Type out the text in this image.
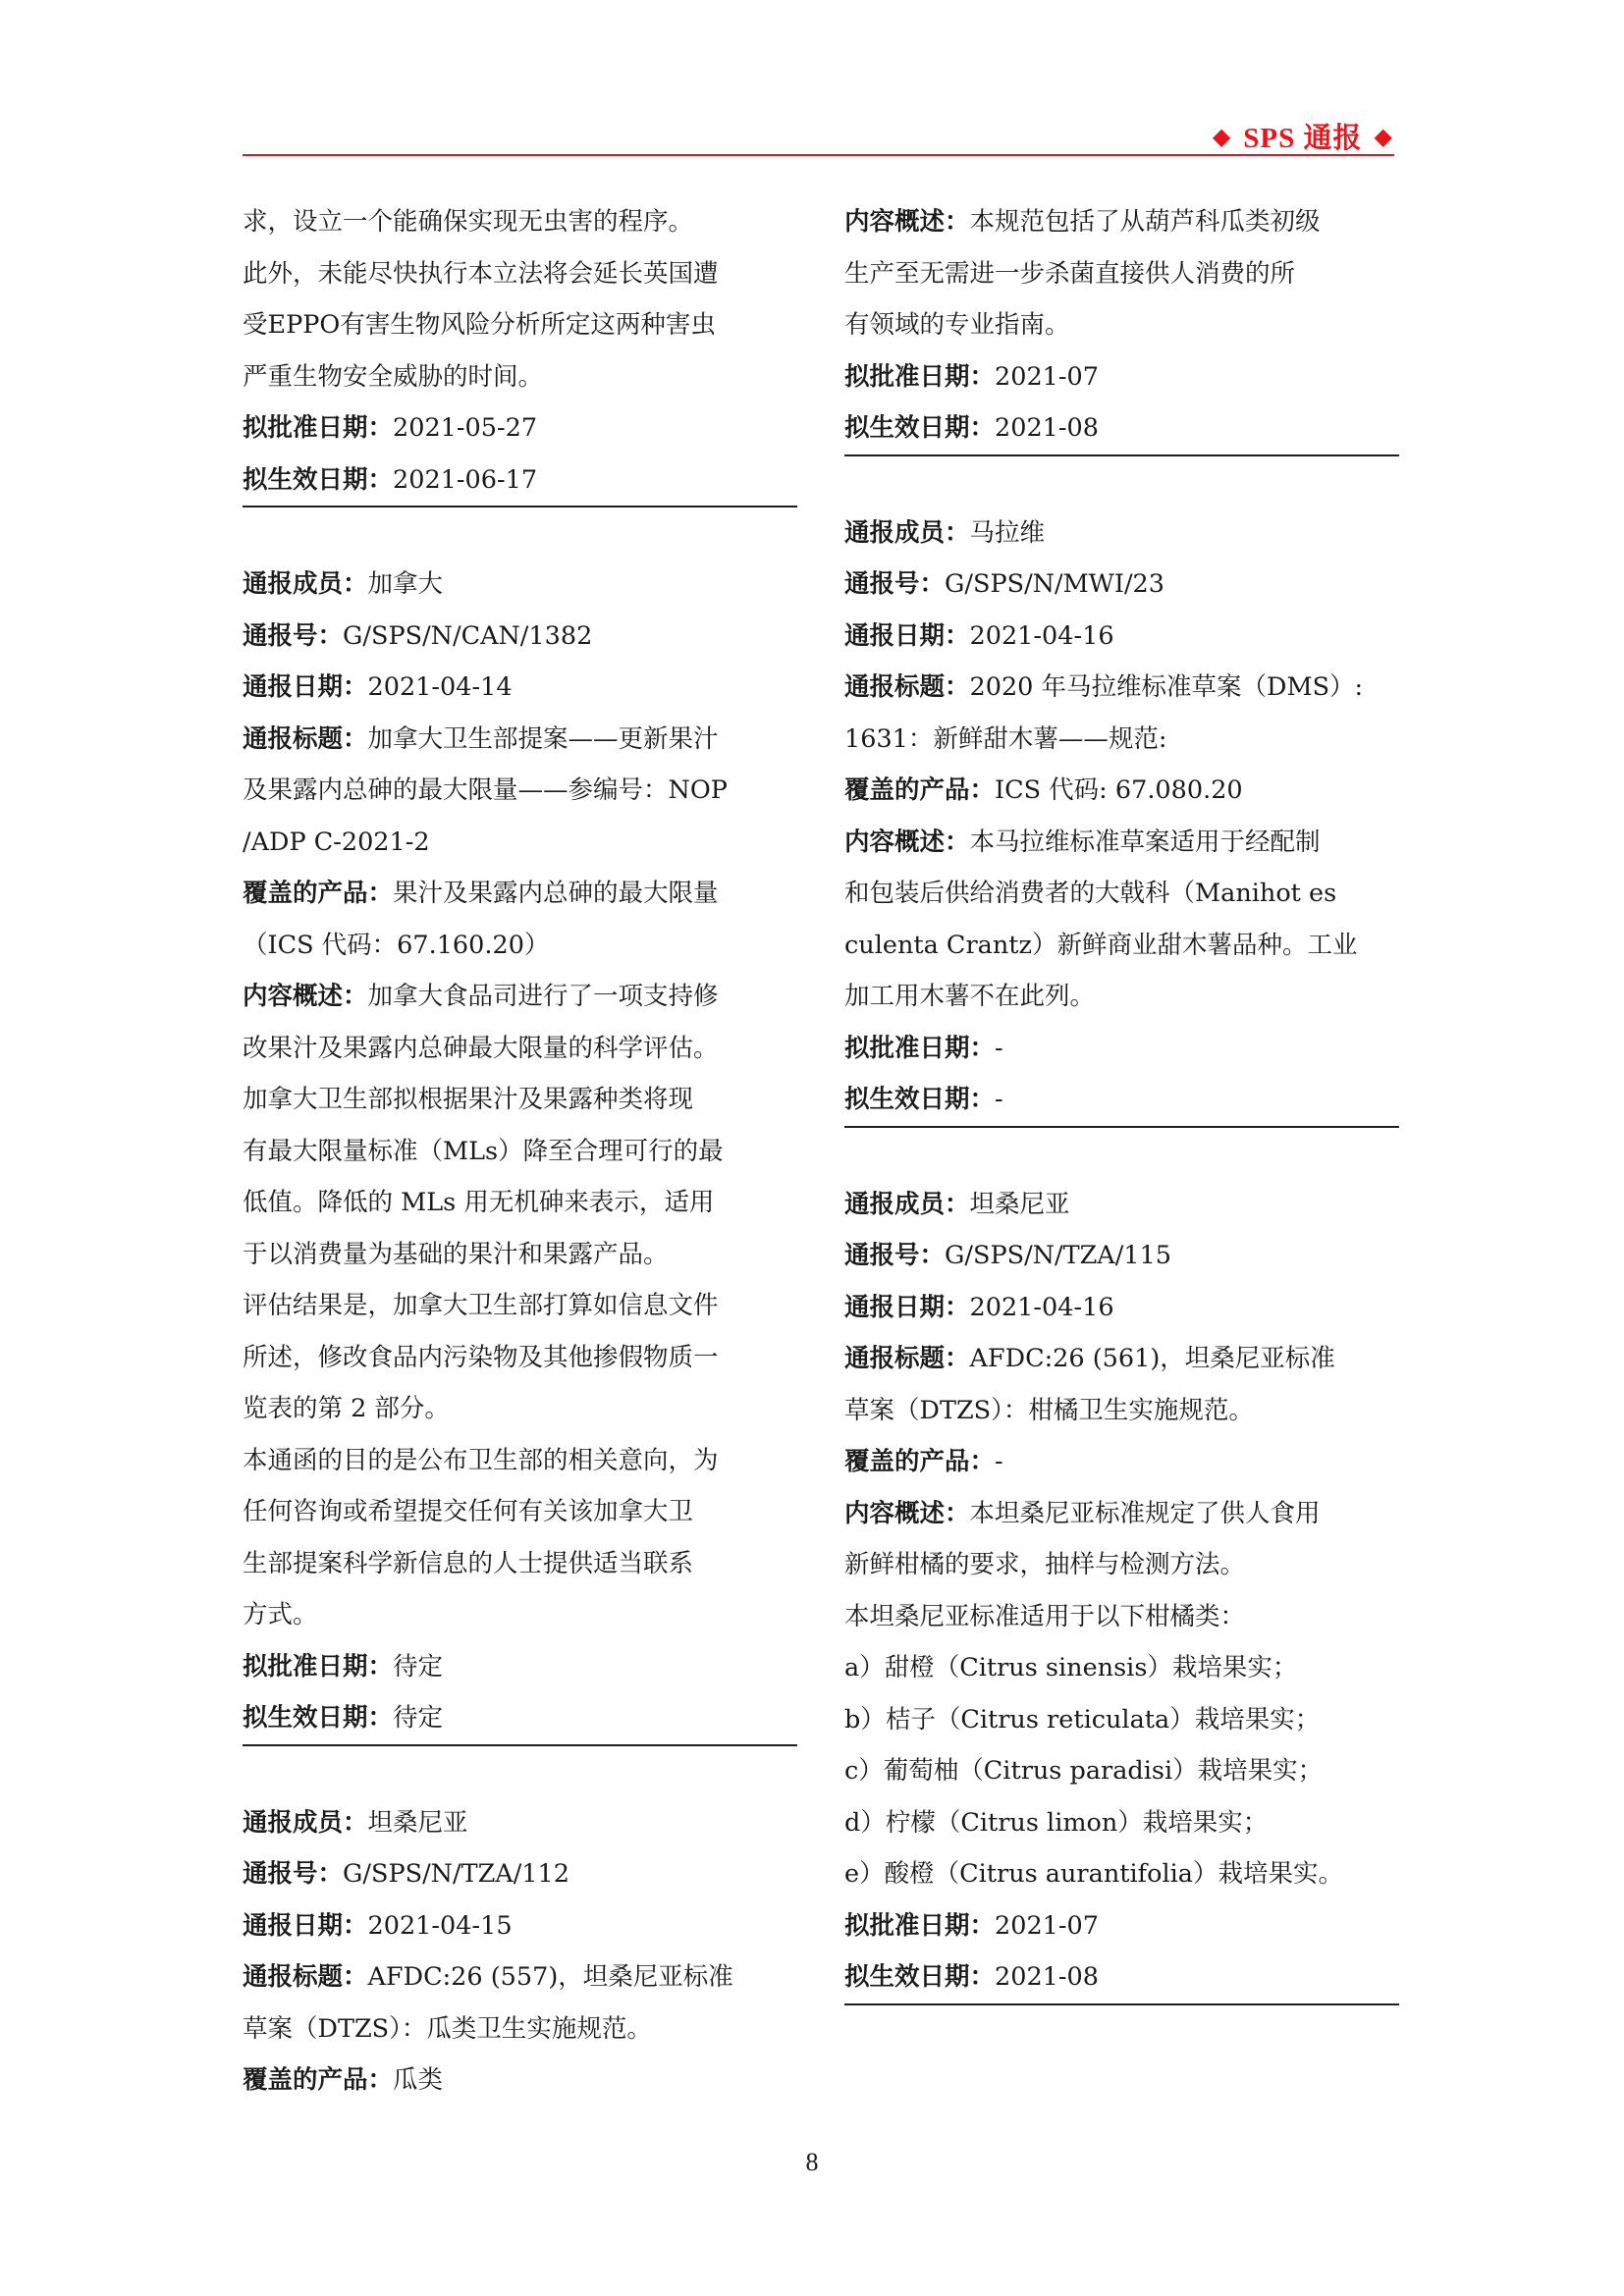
◆ SPS 通报 ◆
求，设立一个能确保实现无虫害的程序。
此外，未能尽快执行本立法将会延长英国遭
受EPPO有害生物风险分析所定这两种害虫
严重生物安全威胁的时间。
拟批准日期：2021-05-27
拟生效日期：2021-06-17
通报成员：加拿大
通报号：G/SPS/N/CAN/1382
通报日期：2021-04-14
通报标题：加拿大卫生部提案——更新果汁
及果露内总砷的最大限量——参编号：NOP
/ADP C-2021-2
覆盖的产品：果汁及果露内总砷的最大限量
（ICS 代码：67.160.20）
内容概述：加拿大食品司进行了一项支持修
改果汁及果露内总砷最大限量的科学评估。
加拿大卫生部拟根据果汁及果露种类将现
有最大限量标准（MLs）降至合理可行的最
低值。降低的 MLs 用无机砷来表示，适用
于以消费量为基础的果汁和果露产品。
评估结果是，加拿大卫生部打算如信息文件
所述，修改食品内污染物及其他掺假物质一
览表的第 2 部分。
本通函的目的是公布卫生部的相关意向，为
任何咨询或希望提交任何有关该加拿大卫
生部提案科学新信息的人士提供适当联系
方式。
拟批准日期：待定
拟生效日期：待定
通报成员：坦桑尼亚
通报号：G/SPS/N/TZA/112
通报日期：2021-04-15
通报标题：AFDC:26 (557)，坦桑尼亚标准
草案（DTZS）：瓜类卫生实施规范。
覆盖的产品：瓜类
内容概述：本规范包括了从葫芦科瓜类初级
生产至无需进一步杀菌直接供人消费的所
有领域的专业指南。
拟批准日期：2021-07
拟生效日期：2021-08
通报成员：马拉维
通报号：G/SPS/N/MWI/23
通报日期：2021-04-16
通报标题：2020 年马拉维标准草案（DMS）:
1631：新鲜甜木薯——规范:
覆盖的产品：ICS 代码: 67.080.20
内容概述：本马拉维标准草案适用于经配制
和包装后供给消费者的大戟科（Manihot es
culenta Crantz）新鲜商业甜木薯品种。工业
加工用木薯不在此列。
拟批准日期：-
拟生效日期：-
通报成员：坦桑尼亚
通报号：G/SPS/N/TZA/115
通报日期：2021-04-16
通报标题：AFDC:26 (561)，坦桑尼亚标准
草案（DTZS）：柑橘卫生实施规范。
覆盖的产品：-
内容概述：本坦桑尼亚标准规定了供人食用
新鲜柑橘的要求，抽样与检测方法。
本坦桑尼亚标准适用于以下柑橘类：
a）甜橙（Citrus sinensis）栽培果实；
b）桔子（Citrus reticulata）栽培果实；
c）葡萄柚（Citrus paradisi）栽培果实；
d）柠檬（Citrus limon）栽培果实；
e）酸橙（Citrus aurantifolia）栽培果实。
拟批准日期：2021-07
拟生效日期：2021-08
8
